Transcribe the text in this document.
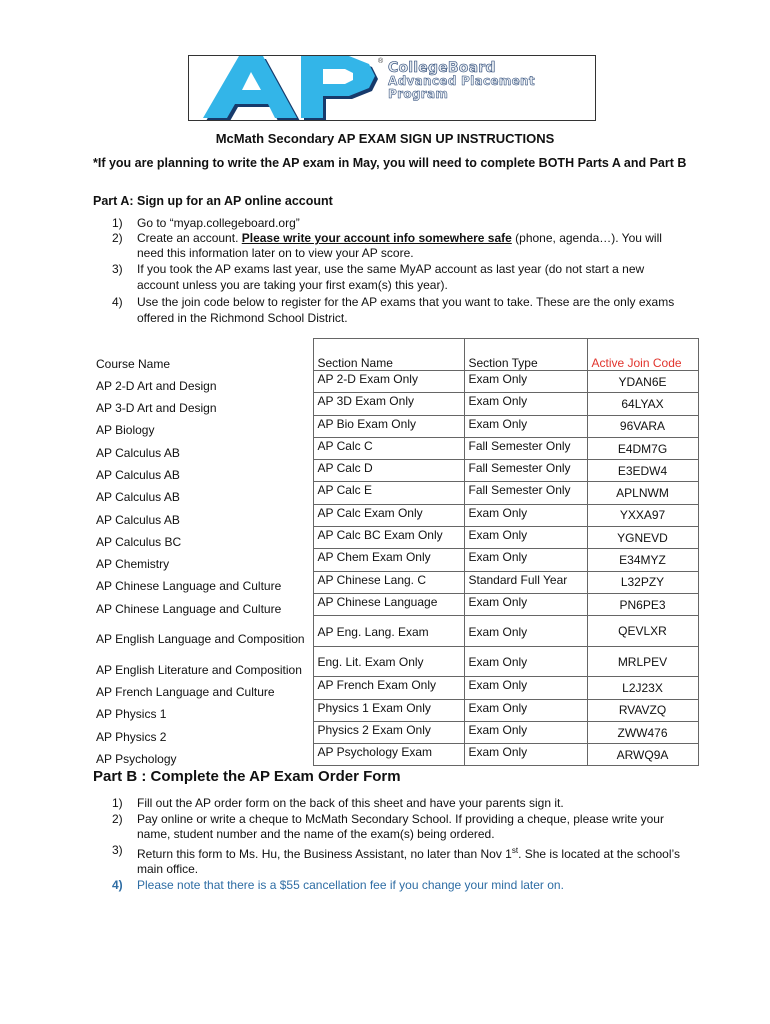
® CollegeBoard
Advanced Placement
Program
McMath Secondary AP EXAM SIGN UP INSTRUCTIONS
*If you are planning to write the AP exam in May, you will need to complete BOTH Parts A and Part B
Part A: Sign up for an AP online account
1) Go to “myap.collegeboard.org”
2) Create an account. Please write your account info somewhere safe (phone, agenda…). You will need this information later on to view your AP score.
3) If you took the AP exams last year, use the same MyAP account as last year (do not start a new account unless you are taking your first exam(s) this year).
4) Use the join code below to register for the AP exams that you want to take. These are the only exams offered in the Richmond School District.
Course Name	Section Name	Section Type	Active Join Code
AP 2-D Art and Design	AP 2-D Exam Only	Exam Only	YDAN6E
AP 3-D Art and Design	AP 3D Exam Only	Exam Only	64LYAX
AP Biology	AP Bio Exam Only	Exam Only	96VARA
AP Calculus AB	AP Calc C	Fall Semester Only	E4DM7G
AP Calculus AB	AP Calc D	Fall Semester Only	E3EDW4
AP Calculus AB	AP Calc E	Fall Semester Only	APLNWM
AP Calculus AB	AP Calc Exam Only	Exam Only	YXXA97
AP Calculus BC	AP Calc BC Exam Only	Exam Only	YGNEVD
AP Chemistry	AP Chem Exam Only	Exam Only	E34MYZ
AP Chinese Language and Culture	AP Chinese Lang. C	Standard Full Year	L32PZY
AP Chinese Language and Culture	AP Chinese Language	Exam Only	PN6PE3
AP English Language and Composition	AP Eng. Lang. Exam	Exam Only	QEVLXR
AP English Literature and Composition	Eng. Lit. Exam Only	Exam Only	MRLPEV
AP French Language and Culture	AP French Exam Only	Exam Only	L2J23X
AP Physics 1	Physics 1 Exam Only	Exam Only	RVAVZQ
AP Physics 2	Physics 2 Exam Only	Exam Only	ZWW476
AP Psychology	AP Psychology Exam	Exam Only	ARWQ9A
Part B : Complete the AP Exam Order Form
1) Fill out the AP order form on the back of this sheet and have your parents sign it.
2) Pay online or write a cheque to McMath Secondary School. If providing a cheque, please write your name, student number and the name of the exam(s) being ordered.
3) Return this form to Ms. Hu, the Business Assistant, no later than Nov 1st. She is located at the school’s main office.
4) Please note that there is a $55 cancellation fee if you change your mind later on.
